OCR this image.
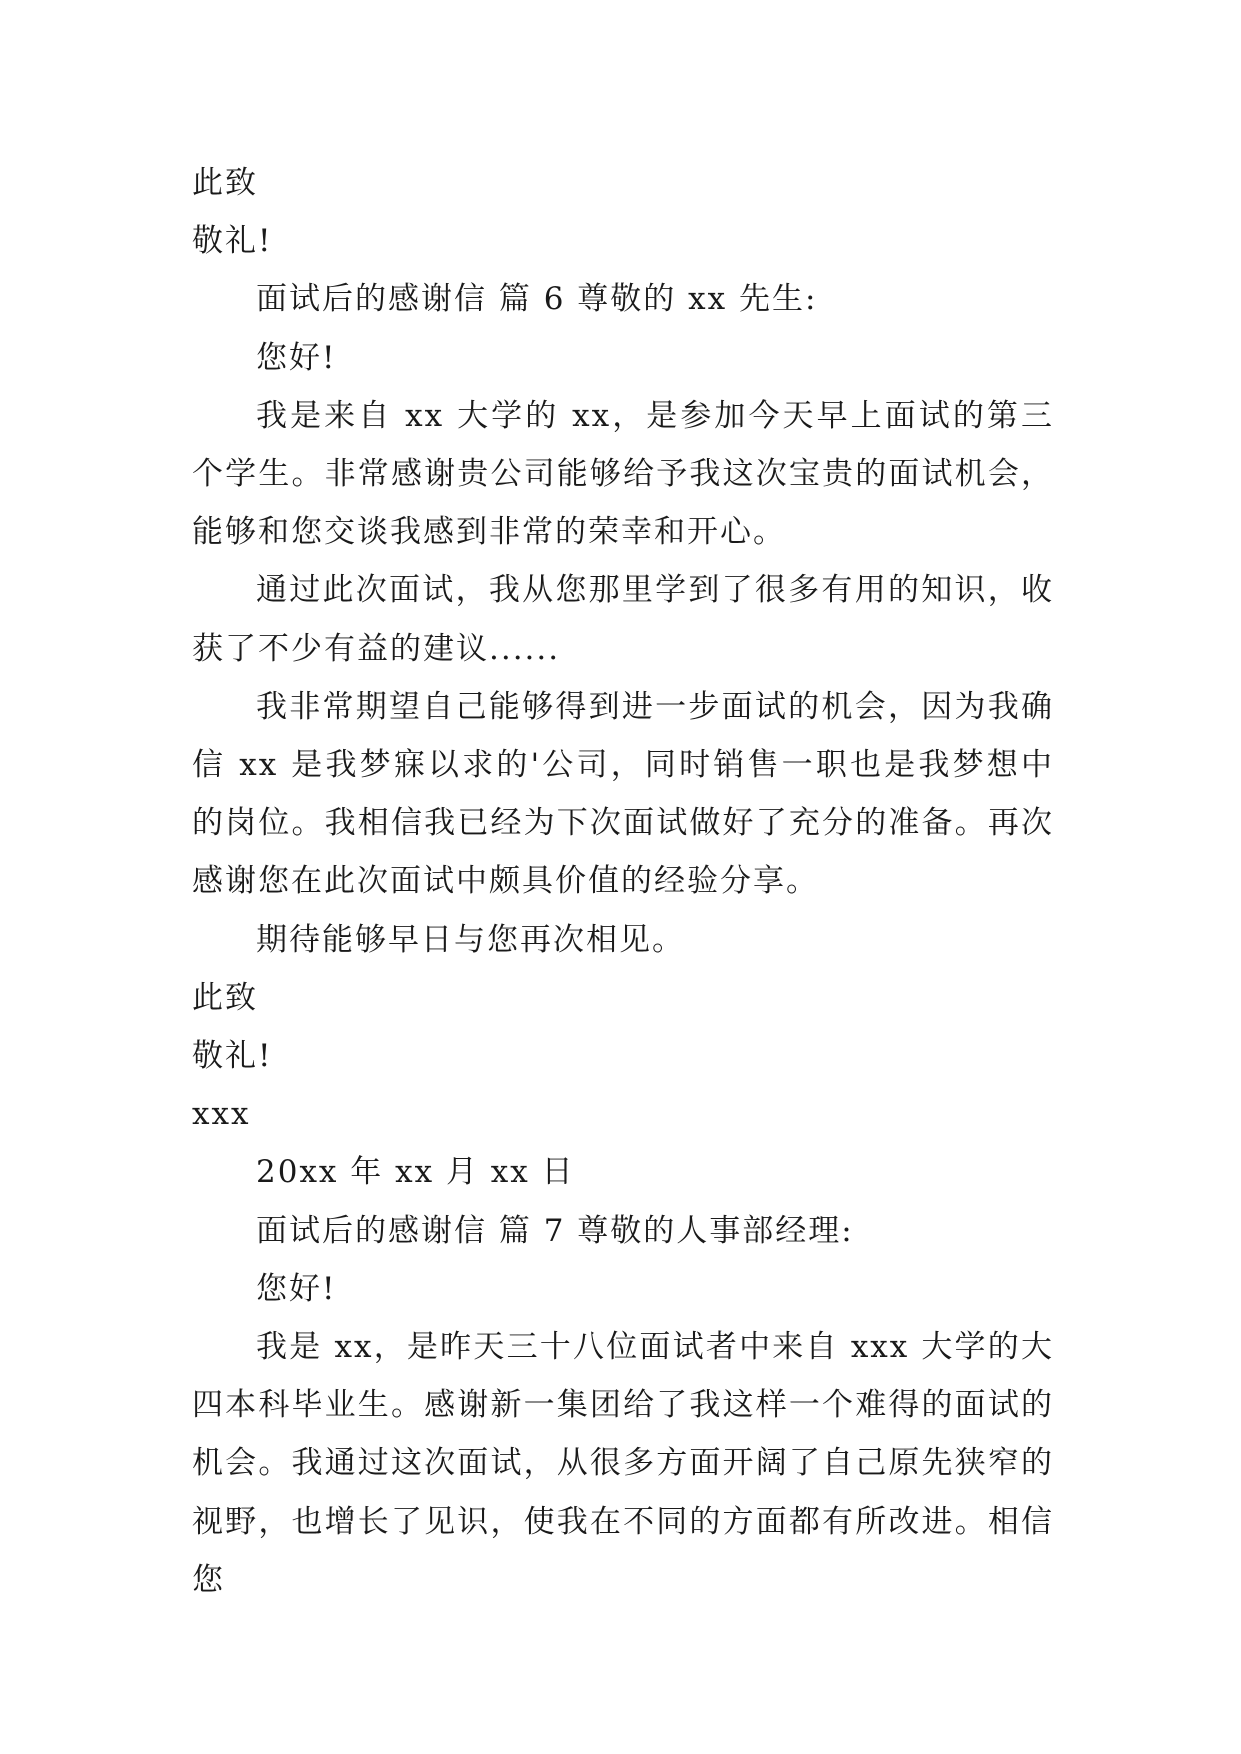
此致

敬礼!

面试后的感谢信 篇 6 尊敬的 xx 先生:

您好!

我是来自 xx 大学的 xx，是参加今天早上面试的第三个学生。非常感谢贵公司能够给予我这次宝贵的面试机会，能够和您交谈我感到非常的荣幸和开心。

通过此次面试，我从您那里学到了很多有用的知识，收获了不少有益的建议......

我非常期望自己能够得到进一步面试的机会，因为我确信 xx 是我梦寐以求的'公司，同时销售一职也是我梦想中的岗位。我相信我已经为下次面试做好了充分的准备。再次感谢您在此次面试中颇具价值的经验分享。

期待能够早日与您再次相见。

此致

敬礼!

xxx

20xx 年 xx 月 xx 日

面试后的感谢信 篇 7 尊敬的人事部经理:

您好!

我是 xx，是昨天三十八位面试者中来自 xxx 大学的大四本科毕业生。感谢新一集团给了我这样一个难得的面试的机会。我通过这次面试，从很多方面开阔了自己原先狭窄的视野，也增长了见识，使我在不同的方面都有所改进。相信您
